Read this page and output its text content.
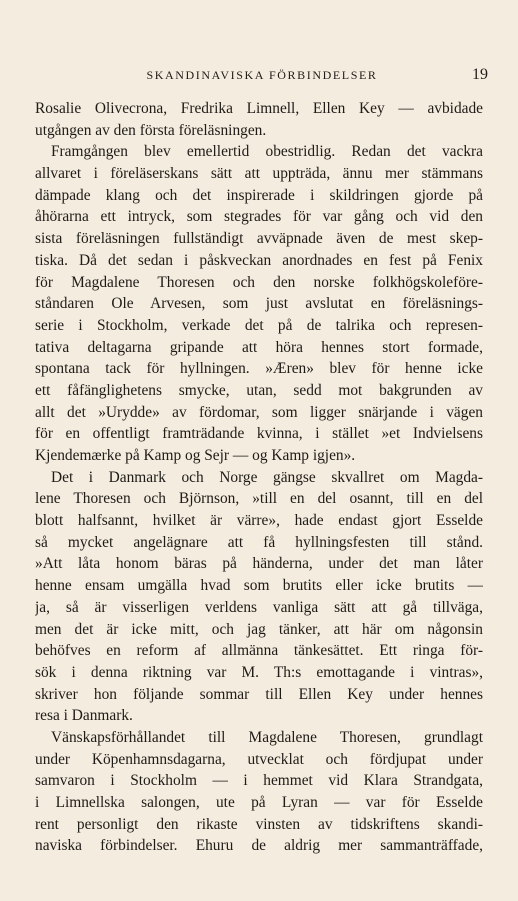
SKANDINAVISKA FÖRBINDELSER	19
Rosalie Olivecrona, Fredrika Limnell, Ellen Key — avbidade
utgången av den första föreläsningen.
Framgången blev emellertid obestridlig. Redan det vackra
allvaret i föreläserskans sätt att uppträda, ännu mer stämmans
dämpade klang och det inspirerade i skildringen gjorde på
åhörarna ett intryck, som stegrades för var gång och vid den
sista föreläsningen fullständigt avväpnade även de mest skep-
tiska. Då det sedan i påskveckan anordnades en fest på Fenix
för Magdalene Thoresen och den norske folkhögskoleföre-
ståndaren Ole Arvesen, som just avslutat en föreläsnings-
serie i Stockholm, verkade det på de talrika och represen-
tativa deltagarna gripande att höra hennes stort formade,
spontana tack för hyllningen. »Æren» blev för henne icke
ett fåfänglighetens smycke, utan, sedd mot bakgrunden av
allt det »Urydde» av fördomar, som ligger snärjande i vägen
för en offentligt framträdande kvinna, i stället »et Indvielsens
Kjendemærke på Kamp og Sejr — og Kamp igjen».
Det i Danmark och Norge gängse skvallret om Magda-
lene Thoresen och Björnson, »till en del osannt, till en del
blott halfsannt, hvilket är värre», hade endast gjort Esselde
så mycket angelägnare att få hyllningsfesten till stånd.
»Att låta honom bäras på händerna, under det man låter
henne ensam umgälla hvad som brutits eller icke brutits —
ja, så är visserligen verldens vanliga sätt att gå tillväga,
men det är icke mitt, och jag tänker, att här om någonsin
behöfves en reform af allmänna tänkesättet. Ett ringa för-
sök i denna riktning var M. Th:s emottagande i vintras»,
skriver hon följande sommar till Ellen Key under hennes
resa i Danmark.
Vänskapsförhållandet till Magdalene Thoresen, grundlagt
under Köpenhamnsdagarna, utvecklat och fördjupat under
samvaron i Stockholm — i hemmet vid Klara Strandgata,
i Limnellska salongen, ute på Lyran — var för Esselde
rent personligt den rikaste vinsten av tidskriftens skandi-
naviska förbindelser. Ehuru de aldrig mer sammanträffade,
